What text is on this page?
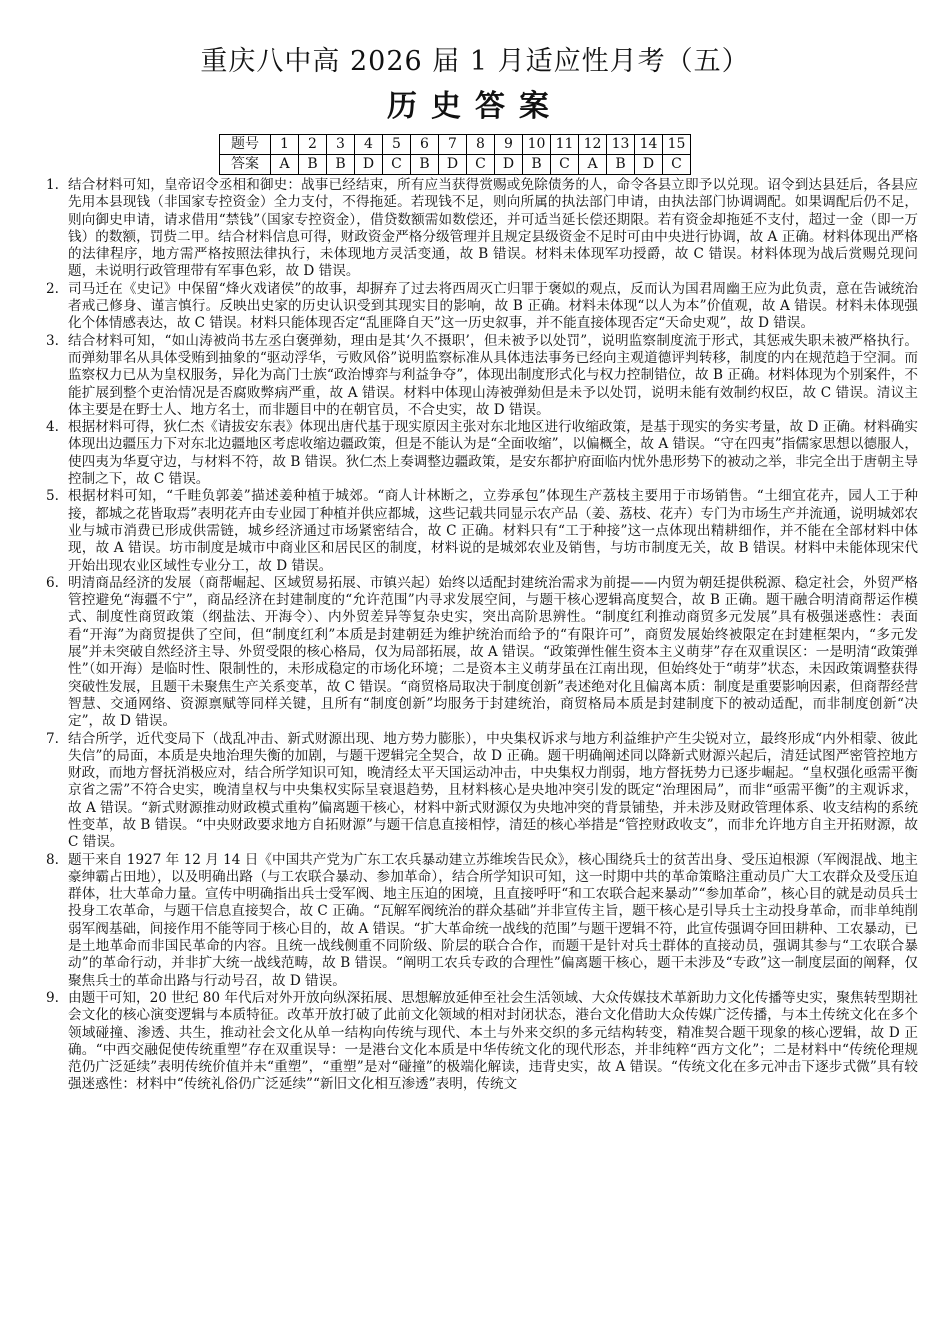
重庆八中高 2026 届 1 月适应性月考（五）
历史答案
题号	1	2	3	4	5	6	7	8	9	10	11	12	13	14	15
答案	A	B	B	D	C	B	D	C	D	B	C	A	B	D	C
1. 结合材料可知，皇帝诏令丞相和御史：战事已经结束，所有应当获得赏赐或免除债务的人，命令各县立即予以兑现。诏令到达县廷后，各县应先用本县现钱（非国家专控资金）全力支付，不得拖延。若现钱不足，则向所属的执法部门申请，由执法部门协调调配。如果调配后仍不足，则向御史申请，请求借用“禁钱”（国家专控资金），借贷数额需如数偿还，并可适当延长偿还期限。若有资金却拖延不支付，超过一金（即一万钱）的数额，罚赀二甲。结合材料信息可得，财政资金严格分级管理并且规定县级资金不足时可由中央进行协调，故 A 正确。材料体现出严格的法律程序，地方需严格按照法律执行，未体现地方灵活变通，故 B 错误。材料未体现军功授爵，故 C 错误。材料体现为战后赏赐兑现问题，未说明行政管理带有军事色彩，故 D 错误。
2. 司马迁在《史记》中保留“烽火戏诸侯”的故事，却摒弃了过去将西周灭亡归罪于褒姒的观点，反而认为国君周幽王应为此负责，意在告诫统治者戒己修身、谨言慎行。反映出史家的历史认识受到其现实目的影响，故 B 正确。材料未体现“以人为本”价值观，故 A 错误。材料未体现强化个体情感表达，故 C 错误。材料只能体现否定“乱匪降自天”这一历史叙事，并不能直接体现否定“天命史观”，故 D 错误。
3. 结合材料可知，“如山涛被尚书左丞白褒弹劾，理由是其‘久不摄职’，但未被予以处罚”，说明监察制度流于形式，其惩戒失职未被严格执行。而弹劾罪名从具体受贿到抽象的“驱动浮华，亏败风俗”说明监察标准从具体违法事务已经向主观道德评判转移，制度的内在规范趋于空洞。而监察权力已从为皇权服务，异化为高门士族“政治博弈与利益争夺”，体现出制度形式化与权力控制错位，故 B 正确。材料体现为个别案件，不能扩展到整个吏治情况是否腐败弊病严重，故 A 错误。材料中体现山涛被弹劾但是未予以处罚，说明未能有效制约权臣，故 C 错误。清议主体主要是在野士人、地方名士，而非题目中的在朝官员，不合史实，故 D 错误。
4. 根据材料可得，狄仁杰《请拔安东表》体现出唐代基于现实原因主张对东北地区进行收缩政策，是基于现实的务实考量，故 D 正确。材料确实体现出边疆压力下对东北边疆地区考虑收缩边疆政策，但是不能认为是“全面收缩”，以偏概全，故 A 错误。“守在四夷”指儒家思想以德服人，使四夷为华夏守边，与材料不符，故 B 错误。狄仁杰上奏调整边疆政策，是安东都护府面临内忧外患形势下的被动之举，非完全出于唐朝主导控制之下，故 C 错误。
5. 根据材料可知，“千畦负郭姜”描述姜种植于城郊。“商人计林断之，立券承包”体现生产荔枝主要用于市场销售。“土细宜花卉，园人工于种接，都城之花皆取焉”表明花卉由专业园丁种植并供应都城，这些记载共同显示农产品（姜、荔枝、花卉）专门为市场生产并流通，说明城郊农业与城市消费已形成供需链，城乡经济通过市场紧密结合，故 C 正确。材料只有“工于种接”这一点体现出精耕细作，并不能在全部材料中体现，故 A 错误。坊市制度是城市中商业区和居民区的制度，材料说的是城郊农业及销售，与坊市制度无关，故 B 错误。材料中未能体现宋代开始出现农业区域性专业分工，故 D 错误。
6. 明清商品经济的发展（商帮崛起、区域贸易拓展、市镇兴起）始终以适配封建统治需求为前提——内贸为朝廷提供税源、稳定社会，外贸严格管控避免“海疆不宁”，商品经济在封建制度的“允许范围”内寻求发展空间，与题干核心逻辑高度契合，故 B 正确。题干融合明清商帮运作模式、制度性商贸政策（纲盐法、开海令）、内外贸差异等复杂史实，突出高阶思辨性。“制度红利推动商贸多元发展”具有极强迷惑性：表面看“开海”为商贸提供了空间，但“制度红利”本质是封建朝廷为维护统治而给予的“有限许可”，商贸发展始终被限定在封建框架内，“多元发展”并未突破自然经济主导、外贸受限的核心格局，仅为局部拓展，故 A 错误。“政策弹性催生资本主义萌芽”存在双重误区：一是明清“政策弹性”（如开海）是临时性、限制性的，未形成稳定的市场化环境；二是资本主义萌芽虽在江南出现，但始终处于“萌芽”状态，未因政策调整获得突破性发展，且题干未聚焦生产关系变革，故 C 错误。“商贸格局取决于制度创新”表述绝对化且偏离本质：制度是重要影响因素，但商帮经营智慧、交通网络、资源禀赋等同样关键，且所有“制度创新”均服务于封建统治，商贸格局本质是封建制度下的被动适配，而非制度创新“决定”，故 D 错误。
7. 结合所学，近代变局下（战乱冲击、新式财源出现、地方势力膨胀），中央集权诉求与地方利益维护产生尖锐对立，最终形成“内外相蒙、彼此失信”的局面，本质是央地治理失衡的加剧，与题干逻辑完全契合，故 D 正确。题干明确阐述同以降新式财源兴起后，清廷试图严密管控地方财政，而地方督抚消极应对，结合所学知识可知，晚清经太平天国运动冲击，中央集权力削弱，地方督抚势力已逐步崛起。“皇权强化亟需平衡京省之需”不符合史实，晚清皇权与中央集权实际呈衰退趋势，且材料核心是央地冲突引发的既定“治理困局”，而非“亟需平衡”的主观诉求，故 A 错误。“新式财源推动财政模式重构”偏离题干核心，材料中新式财源仅为央地冲突的背景铺垫，并未涉及财政管理体系、收支结构的系统性变革，故 B 错误。“中央财政要求地方自拓财源”与题干信息直接相悖，清廷的核心举措是“管控财政收支”，而非允许地方自主开拓财源，故 C 错误。
8. 题干来自 1927 年 12 月 14 日《中国共产党为广东工农兵暴动建立苏维埃告民众》，核心围绕兵士的贫苦出身、受压迫根源（军阀混战、地主豪绅霸占田地），以及明确出路（与工农联合暴动、参加革命），结合所学知识可知，这一时期中共的革命策略注重动员广大工农群众及受压迫群体，壮大革命力量。宣传中明确指出兵士受军阀、地主压迫的困境，且直接呼吁“和工农联合起来暴动”“参加革命”，核心目的就是动员兵士投身工农革命，与题干信息直接契合，故 C 正确。“瓦解军阀统治的群众基础”并非宣传主旨，题干核心是引导兵士主动投身革命，而非单纯削弱军阀基础，间接作用不能等同于核心目的，故 A 错误。“扩大革命统一战线的范围”与题干逻辑不符，此宣传强调夺回田耕种、工农暴动，已是土地革命而非国民革命的内容。且统一战线侧重不同阶级、阶层的联合合作，而题干是针对兵士群体的直接动员，强调其参与“工农联合暴动”的革命行动，并非扩大统一战线范畴，故 B 错误。“阐明工农兵专政的合理性”偏离题干核心，题干未涉及“专政”这一制度层面的阐释，仅聚焦兵士的革命出路与行动号召，故 D 错误。
9. 由题干可知，20 世纪 80 年代后对外开放向纵深拓展、思想解放延伸至社会生活领域、大众传媒技术革新助力文化传播等史实，聚焦转型期社会文化的核心演变逻辑与本质特征。改革开放打破了此前文化领域的相对封闭状态，港台文化借助大众传媒广泛传播，与本土传统文化在多个领域碰撞、渗透、共生，推动社会文化从单一结构向传统与现代、本土与外来交织的多元结构转变，精准契合题干现象的核心逻辑，故 D 正确。“中西交融促使传统重塑”存在双重误导：一是港台文化本质是中华传统文化的现代形态，并非纯粹“西方文化”；二是材料中“传统伦理规范仍广泛延续”表明传统价值并未“重塑”，“重塑”是对“碰撞”的极端化解读，违背史实，故 A 错误。“传统文化在多元冲击下逐步式微”具有较强迷惑性：材料中“传统礼俗仍广泛延续”“新旧文化相互渗透”表明，传统文
